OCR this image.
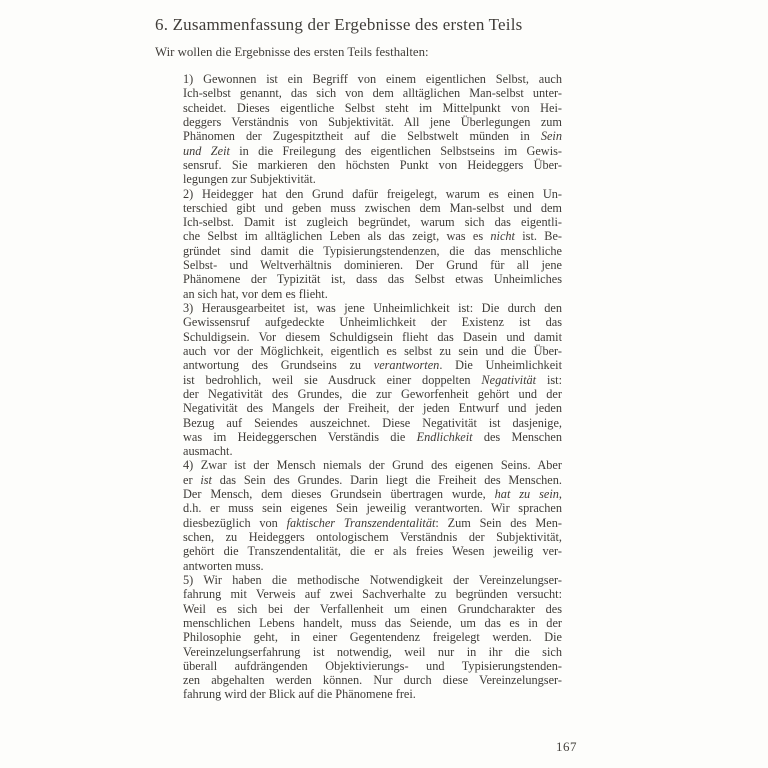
6. Zusammenfassung der Ergebnisse des ersten Teils

Wir wollen die Ergebnisse des ersten Teils festhalten:

1) Gewonnen ist ein Begriff von einem eigentlichen Selbst, auch
Ich-selbst genannt, das sich von dem alltäglichen Man-selbst unter-
scheidet. Dieses eigentliche Selbst steht im Mittelpunkt von Hei-
deggers Verständnis von Subjektivität. All jene Überlegungen zum
Phänomen der Zugespitztheit auf die Selbstwelt münden in Sein
und Zeit in die Freilegung des eigentlichen Selbstseins im Gewis-
sensruf. Sie markieren den höchsten Punkt von Heideggers Über-
legungen zur Subjektivität.
2) Heidegger hat den Grund dafür freigelegt, warum es einen Un-
terschied gibt und geben muss zwischen dem Man-selbst und dem
Ich-selbst. Damit ist zugleich begründet, warum sich das eigentli-
che Selbst im alltäglichen Leben als das zeigt, was es nicht ist. Be-
gründet sind damit die Typisierungstendenzen, die das menschliche
Selbst- und Weltverhältnis dominieren. Der Grund für all jene
Phänomene der Typizität ist, dass das Selbst etwas Unheimliches
an sich hat, vor dem es flieht.
3) Herausgearbeitet ist, was jene Unheimlichkeit ist: Die durch den
Gewissensruf aufgedeckte Unheimlichkeit der Existenz ist das
Schuldigsein. Vor diesem Schuldigsein flieht das Dasein und damit
auch vor der Möglichkeit, eigentlich es selbst zu sein und die Über-
antwortung des Grundseins zu verantworten. Die Unheimlichkeit
ist bedrohlich, weil sie Ausdruck einer doppelten Negativität ist:
der Negativität des Grundes, die zur Geworfenheit gehört und der
Negativität des Mangels der Freiheit, der jeden Entwurf und jeden
Bezug auf Seiendes auszeichnet. Diese Negativität ist dasjenige,
was im Heideggerschen Verständis die Endlichkeit des Menschen
ausmacht.
4) Zwar ist der Mensch niemals der Grund des eigenen Seins. Aber
er ist das Sein des Grundes. Darin liegt die Freiheit des Menschen.
Der Mensch, dem dieses Grundsein übertragen wurde, hat zu sein,
d.h. er muss sein eigenes Sein jeweilig verantworten. Wir sprachen
diesbezüglich von faktischer Transzendentalität: Zum Sein des Men-
schen, zu Heideggers ontologischem Verständnis der Subjektivität,
gehört die Transzendentalität, die er als freies Wesen jeweilig ver-
antworten muss.
5) Wir haben die methodische Notwendigkeit der Vereinzelungser-
fahrung mit Verweis auf zwei Sachverhalte zu begründen versucht:
Weil es sich bei der Verfallenheit um einen Grundcharakter des
menschlichen Lebens handelt, muss das Seiende, um das es in der
Philosophie geht, in einer Gegentendenz freigelegt werden. Die
Vereinzelungserfahrung ist notwendig, weil nur in ihr die sich
überall aufdrängenden Objektivierungs- und Typisierungstenden-
zen abgehalten werden können. Nur durch diese Vereinzelungser-
fahrung wird der Blick auf die Phänomene frei.
167
